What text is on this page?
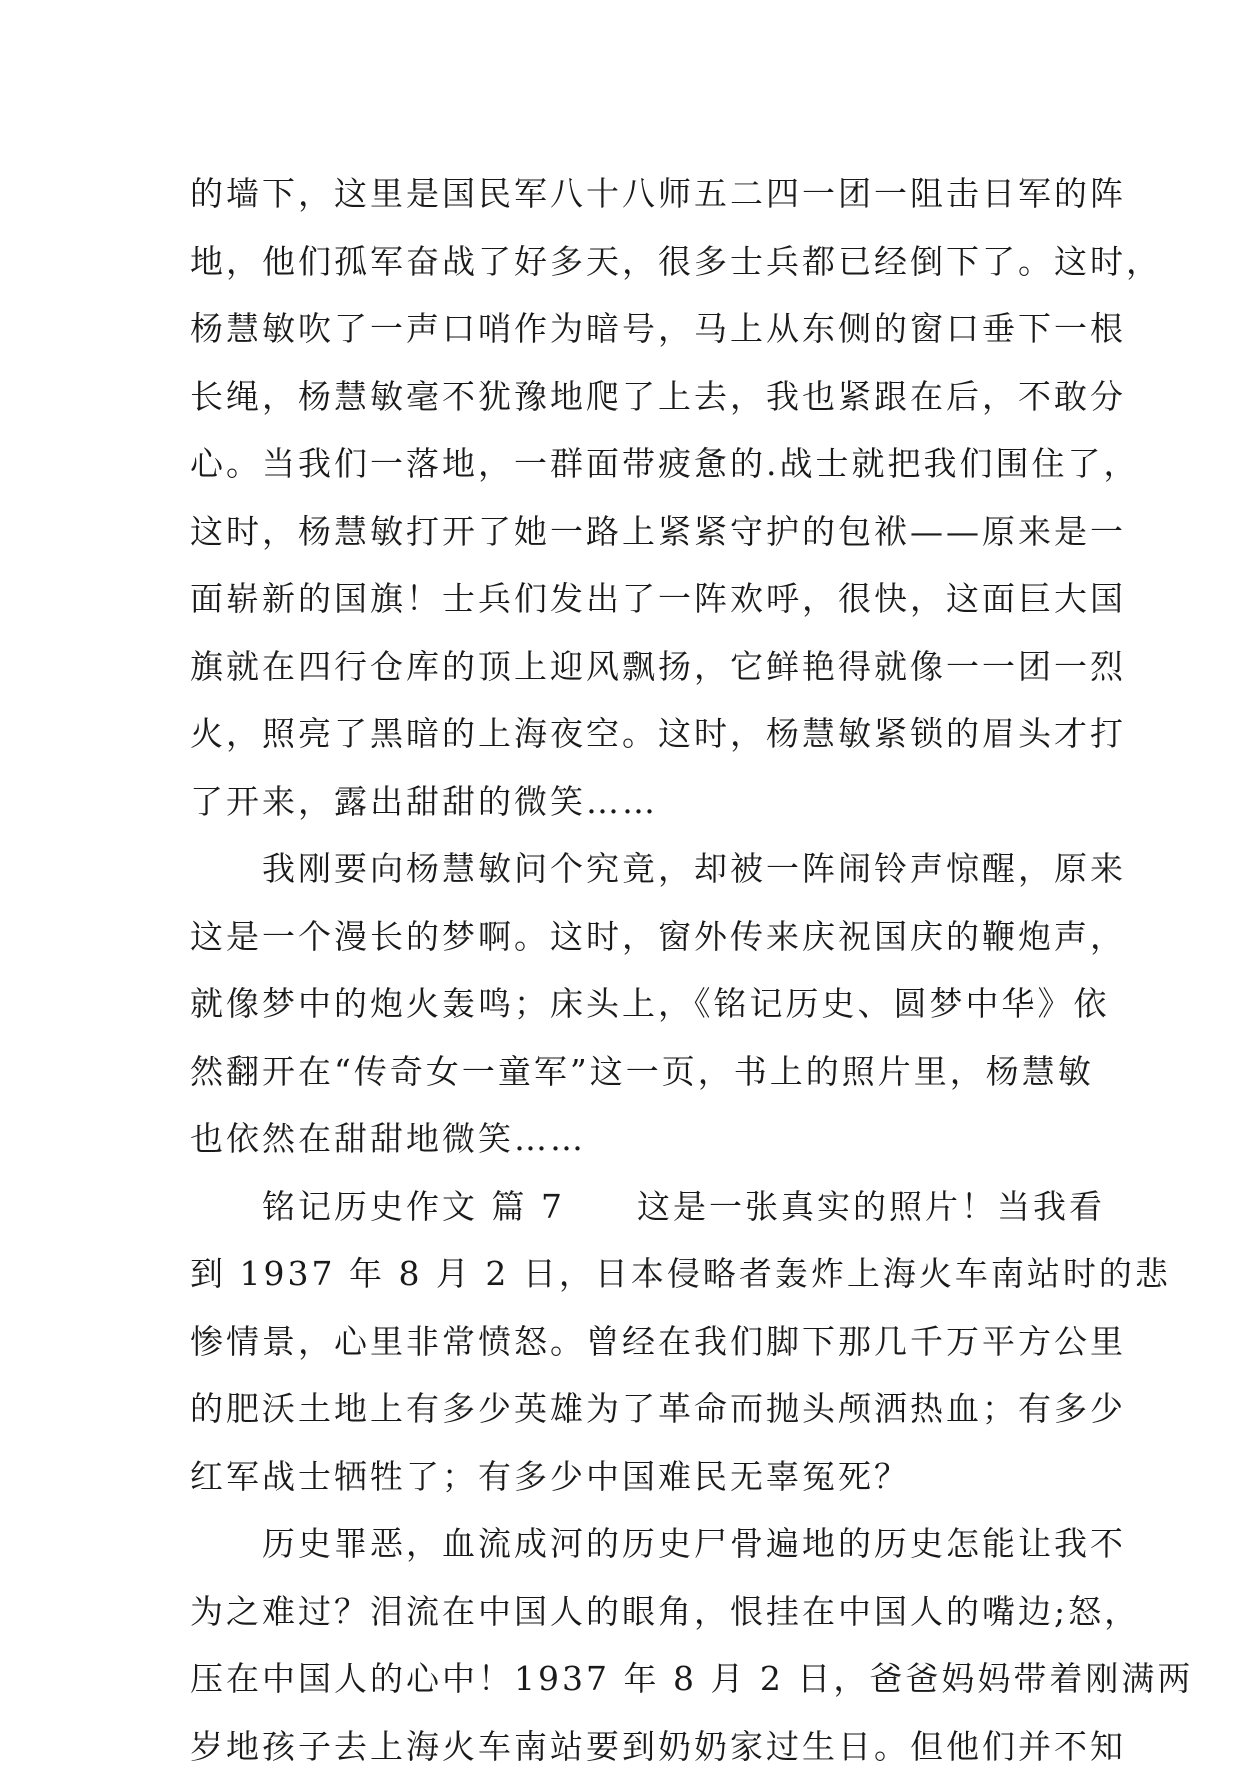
的墙下，这里是国民军八十八师五二四一团一阻击日军的阵
地，他们孤军奋战了好多天，很多士兵都已经倒下了。这时，
杨慧敏吹了一声口哨作为暗号，马上从东侧的窗口垂下一根
长绳，杨慧敏毫不犹豫地爬了上去，我也紧跟在后，不敢分
心。当我们一落地，一群面带疲惫的.战士就把我们围住了，
这时，杨慧敏打开了她一路上紧紧守护的包袱——原来是一
面崭新的国旗！士兵们发出了一阵欢呼，很快，这面巨大国
旗就在四行仓库的顶上迎风飘扬，它鲜艳得就像一一团一烈
火，照亮了黑暗的上海夜空。这时，杨慧敏紧锁的眉头才打
了开来，露出甜甜的微笑……
　　我刚要向杨慧敏问个究竟，却被一阵闹铃声惊醒，原来
这是一个漫长的梦啊。这时，窗外传来庆祝国庆的鞭炮声，
就像梦中的炮火轰鸣；床头上，《铭记历史、圆梦中华》依
然翻开在“传奇女一童军”这一页，书上的照片里，杨慧敏
也依然在甜甜地微笑……
　　铭记历史作文 篇 7　　这是一张真实的照片！当我看
到 1937 年 8 月 2 日，日本侵略者轰炸上海火车南站时的悲
惨情景，心里非常愤怒。曾经在我们脚下那几千万平方公里
的肥沃土地上有多少英雄为了革命而抛头颅洒热血；有多少
红军战士牺牲了；有多少中国难民无辜冤死？
　　历史罪恶，血流成河的历史尸骨遍地的历史怎能让我不
为之难过？泪流在中国人的眼角，恨挂在中国人的嘴边;怒，
压在中国人的心中！1937 年 8 月 2 日，爸爸妈妈带着刚满两
岁地孩子去上海火车南站要到奶奶家过生日。但他们并不知
